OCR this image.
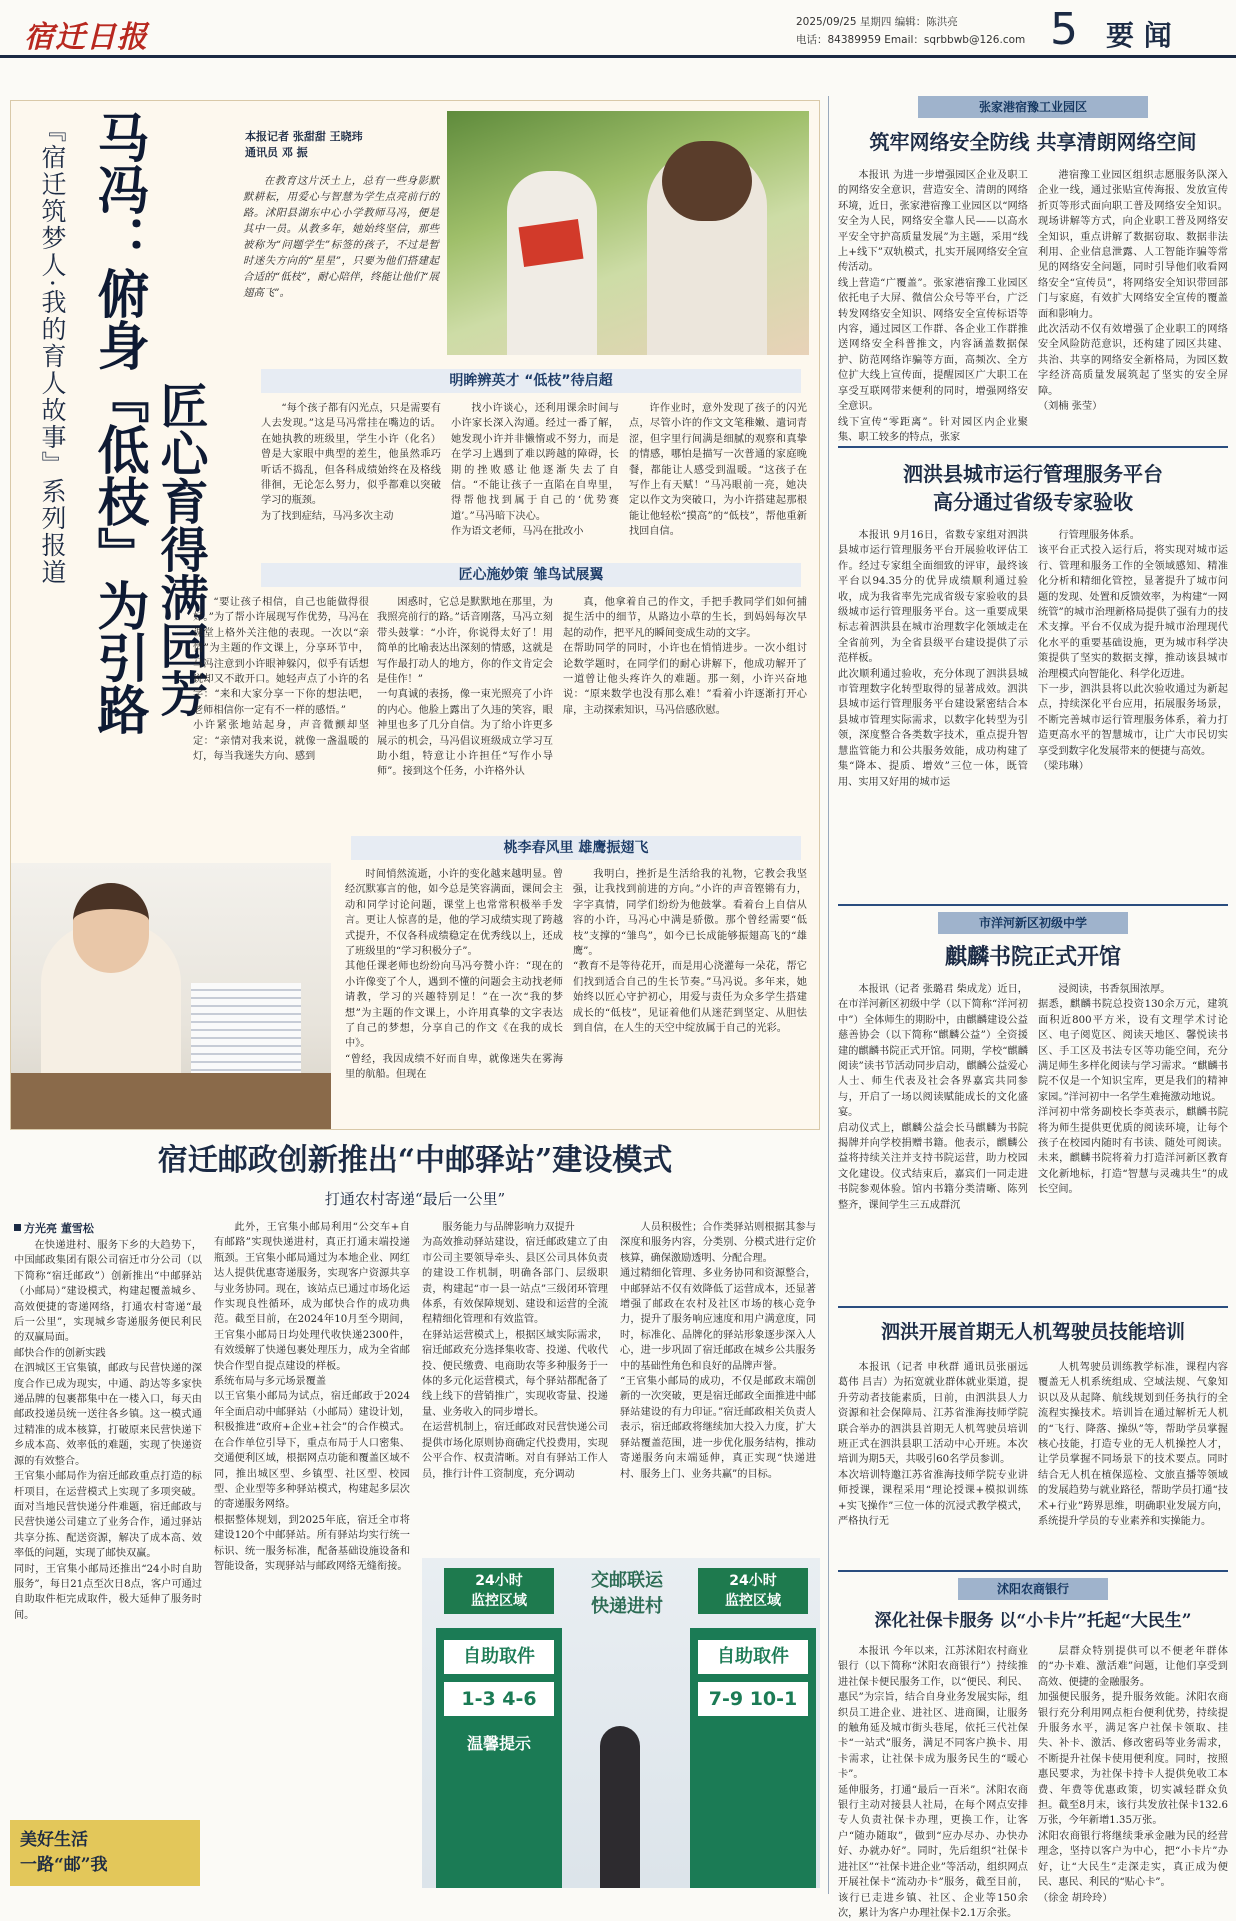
宿迁日报	2025/09/25 星期四 编辑：陈洪亮
电话：84389959 Email：sqrbbwb@126.com 5 要 闻
『宿迁筑梦人·我的育人故事』系列报道 马冯：俯身『低枝』为引路 匠心育得满园芳
本报记者 张甜甜 王晓玮
通讯员 邓 振
在教育这片沃土上，总有一些身影默默耕耘，用爱心与智慧为学生点亮前行的路。沭阳县湖东中心小学教师马冯，便是其中一员。从教多年，她始终坚信，那些被称为“问题学生”标签的孩子，不过是暂时迷失方向的“星星”，只要为他们搭建起合适的“低枝”，耐心陪伴，终能让他们“展翅高飞”。
明眸辨英才 “低枝”待启超
“每个孩子都有闪光点，只是需要有人去发现。”这是马冯常挂在嘴边的话。在她执教的班级里，学生小许（化名）曾是大家眼中典型的差生，他虽然乖巧听话不捣乱，但各科成绩始终在及格线徘徊，无论怎么努力，似乎都难以突破学习的瓶颈。
为了找到症结，马冯多次主动
找小许谈心，还利用课余时间与小许家长深入沟通。经过一番了解，她发现小许并非懒惰或不努力，而是在学习上遇到了难以跨越的障碍，长期的挫败感让他逐渐失去了自信。“不能让孩子一直陷在自卑里，得帮他找到属于自己的‘优势赛道’。”马冯暗下决心。
作为语文老师，马冯在批改小
许作业时，意外发现了孩子的闪光点，尽管小许的作文文笔稚嫩、遣词青涩，但字里行间满是细腻的观察和真挚的情感，哪怕是描写一次普通的家庭晚餐，都能让人感受到温暖。“这孩子在写作上有天赋！”马冯眼前一亮，她决定以作文为突破口，为小许搭建起那根能让他轻松“摸高”的“低枝”，帮他重新找回自信。
匠心施妙策 雏鸟试展翼
“要让孩子相信，自己也能做得很好。”为了帮小许展现写作优势，马冯在课堂上格外关注他的表现。一次以“亲情”为主题的作文课上，分享环节中，马冯注意到小许眼神躲闪，似乎有话想说却又不敢开口。她轻声点了小许的名字：“来和大家分享一下你的想法吧，老师相信你一定有不一样的感悟。”
小许紧张地站起身，声音微颤却坚定：“亲情对我来说，就像一盏温暖的灯，每当我迷失方向、感到
困惑时，它总是默默地在那里，为我照亮前行的路。”话音刚落，马冯立刻带头鼓掌：“小许，你说得太好了！用简单的比喻表达出深刻的情感，这就是写作最打动人的地方，你的作文肯定会是佳作！”
一句真诚的表扬，像一束光照亮了小许的内心。他脸上露出了久违的笑容，眼神里也多了几分自信。为了给小许更多展示的机会，马冯倡议班级成立学习互助小组，特意让小许担任“写作小导师”。接到这个任务，小许格外认
真，他拿着自己的作文，手把手教同学们如何捕捉生活中的细节，从路边小草的生长，到妈妈每次早起的动作，把平凡的瞬间变成生动的文字。
在帮助同学的同时，小许也在悄悄进步。一次小组讨论数学题时，在同学们的耐心讲解下，他成功解开了一道曾让他头疼许久的难题。那一刻，小许兴奋地说：“原来数学也没有那么难！”看着小许逐渐打开心扉，主动探索知识，马冯倍感欣慰。
桃李春风里 雄鹰振翅飞
时间悄然流逝，小许的变化越来越明显。曾经沉默寡言的他，如今总是笑容满面，课间会主动和同学讨论问题，课堂上也常常积极举手发言。更让人惊喜的是，他的学习成绩实现了跨越式提升，不仅各科成绩稳定在优秀线以上，还成了班级里的“学习积极分子”。
其他任课老师也纷纷向马冯夸赞小许：“现在的小许像变了个人，遇到不懂的问题会主动找老师请教，学习的兴趣特别足！”在一次“我的梦想”为主题的作文课上，小许用真挚的文字表达了自己的梦想，分享自己的作文《在我的成长中》。
“曾经，我因成绩不好而自卑，就像迷失在雾海里的航船。但现在
我明白，挫折是生活给我的礼物，它教会我坚强，让我找到前进的方向。”小许的声音铿锵有力，字字真情，同学们纷纷为他鼓掌。看着台上自信从容的小许，马冯心中满是骄傲。那个曾经需要“低枝”支撑的“雏鸟”，如今已长成能够振翅高飞的“雄鹰”。
“教育不是等待花开，而是用心浇灌每一朵花，帮它们找到适合自己的生长节奏。”马冯说。多年来，她始终以匠心守护初心，用爱与责任为众多学生搭建成长的“低枝”，见证着他们从迷茫到坚定、从胆怯到自信，在人生的天空中绽放属于自己的光彩。
宿迁邮政创新推出“中邮驿站”建设模式
打通农村寄递“最后一公里”
方光亮 董雪松
在快递进村、服务下乡的大趋势下，中国邮政集团有限公司宿迁市分公司（以下简称“宿迁邮政”）创新推出“中邮驿站（小邮局）”建设模式，构建起覆盖城乡、高效便捷的寄递网络，打通农村寄递“最后一公里”，实现城乡寄递服务便民利民的双赢局面。
邮快合作的创新实践
在泗城区王官集镇，邮政与民营快递的深度合作已成为现实，中通、韵达等多家快递品牌的包裹都集中在一楼入口，每天由邮政投递员统一送往各乡镇。这一模式通过精准的成本核算，打破原来民营快递下乡成本高、效率低的难题，实现了快递资源的有效整合。
王官集小邮局作为宿迁邮政重点打造的标杆项目，在运营模式上实现了多项突破。面对当地民营快递分件难题，宿迁邮政与民营快递公司建立了业务合作，通过驿站共享分拣、配送资源，解决了成本高、效率低的问题，实现了邮快双赢。
同时，王官集小邮局还推出“24小时自助服务”，每日21点至次日8点，客户可通过自助取件柜完成取件，极大延伸了服务时间。
此外，王官集小邮局利用“公交车+自有邮路”实现快递进村，真正打通末端投递瓶颈。王官集小邮局通过为本地企业、网红达人提供优惠寄递服务，实现客户资源共享与业务协同。现在，该站点已通过市场化运作实现良性循环，成为邮快合作的成功典范。截至目前，在2024年10月至今期间，王官集小邮局日均处理代收快递2300件，有效缓解了快递包裹处理压力，成为全省邮快合作型自提点建设的样板。
系统布局与多元场景覆盖
以王官集小邮局为试点，宿迁邮政于2024年全面启动中邮驿站（小邮局）建设计划，积极推进“政府+企业+社会”的合作模式。在合作单位引导下，重点布局于人口密集、交通便利区域，根据网点功能和覆盖区域不同，推出城区型、乡镇型、社区型、校园型、企业型等多种驿站模式，构建起多层次的寄递服务网络。
根据整体规划，到2025年底，宿迁全市将建设120个中邮驿站。所有驿站均实行统一标识、统一服务标准，配备基础设施设备和智能设备，实现驿站与邮政网络无缝衔接。
服务能力与品牌影响力双提升
为高效推动驿站建设，宿迁邮政建立了由市公司主要领导牵头、县区公司具体负责的建设工作机制，明确各部门、层级职责，构建起“市一县一站点”三级闭环管理体系，有效保障规划、建设和运营的全流程精细化管理和有效监管。
在驿站运营模式上，根据区域实际需求，宿迁邮政充分选择集收寄、投递、代收代投、便民缴费、电商助农等多种服务于一体的多元化运营模式，每个驿站都配备了线上线下的营销推广，实现收寄量、投递量、业务收入的同步增长。
在运营机制上，宿迁邮政对民营快递公司提供市场化原则协商确定代投费用，实现公平合作、权责清晰。对自有驿站工作人员，推行计件工资制度，充分调动
人员积极性；合作类驿站则根据其参与深度和服务内容，分类别、分模式进行定价核算，确保激励透明、分配合理。
通过精细化管理、多业务协同和资源整合，中邮驿站不仅有效降低了运营成本，还显著增强了邮政在农村及社区市场的核心竞争力，提升了服务响应速度和用户满意度，同时，标准化、品牌化的驿站形象逐步深入人心，进一步巩固了宿迁邮政在城乡公共服务中的基础性角色和良好的品牌声誉。
“王官集小邮局的成功，不仅是邮政末端创新的一次突破，更是宿迁邮政全面推进中邮驿站建设的有力印证。”宿迁邮政相关负责人表示，宿迁邮政将继续加大投入力度，扩大驿站覆盖范围，进一步优化服务结构，推动寄递服务向末端延伸，真正实现“快递进村、服务上门、业务共赢”的目标。
美好生活
一路“邮”我
24小时
监控区域
24小时
监控区域
交邮联运
快递进村
自助取件
1-3 4-6
温馨提示
自助取件
7-9 10-1
张家港宿豫工业园区
筑牢网络安全防线 共享清朗网络空间
本报讯 为进一步增强园区企业及职工的网络安全意识，营造安全、清朗的网络环境，近日，张家港宿豫工业园区以“网络安全为人民，网络安全靠人民——以高水平安全守护高质量发展”为主题，采用“线上+线下”双轨模式，扎实开展网络安全宣传活动。
线上营造“广覆盖”。张家港宿豫工业园区依托电子大屏、微信公众号等平台，广泛转发网络安全知识、网络安全宣传标语等内容，通过园区工作群、各企业工作群推送网络安全科普推文，内容涵盖数据保护、防范网络诈骗等方面，高频次、全方位扩大线上宣传面，提醒园区广大职工在享受互联网带来便利的同时，增强网络安全意识。
线下宣传“零距离”。针对园区内企业聚集、职工较多的特点，张家
港宿豫工业园区组织志愿服务队深入企业一线，通过张贴宣传海报、发放宣传折页等形式面向职工普及网络安全知识。现场讲解等方式，向企业职工普及网络安全知识，重点讲解了数据窃取、数据非法利用、企业信息泄露、人工智能诈骗等常见的网络安全问题，同时引导他们收看网络安全“宣传员”，将网络安全知识带回部门与家庭，有效扩大网络安全宣传的覆盖面和影响力。
此次活动不仅有效增强了企业职工的网络安全风险防范意识，还构建了园区共建、共治、共享的网络安全新格局，为园区数字经济高质量发展筑起了坚实的安全屏障。
（刘楠 张莹）
泗洪县城市运行管理服务平台
高分通过省级专家验收
本报讯 9月16日，省数专家组对泗洪县城市运行管理服务平台开展验收评估工作。经过专家组全面细致的评审，最终该平台以94.35分的优异成绩顺利通过验收，成为我省率先完成省级专家验收的县级城市运行管理服务平台。这一重要成果标志着泗洪县在城市治理数字化领域走在全省前列，为全省县级平台建设提供了示范样板。
此次顺利通过验收，充分体现了泗洪县城市管理数字化转型取得的显著成效。泗洪县城市运行管理服务平台建设紧密结合本县城市管理实际需求，以数字化转型为引领，深度整合各类数字技术，重点提升智慧监管能力和公共服务效能，成功构建了集“降本、提质、增效”三位一体，既管用、实用又好用的城市运
行管理服务体系。
该平台正式投入运行后，将实现对城市运行、管理和服务工作的全领域感知、精准化分析和精细化管控，显著提升了城市问题的发现、处置和反馈效率，为构建“一网统管”的城市治理新格局提供了强有力的技术支撑。平台不仅成为提升城市治理现代化水平的重要基础设施，更为城市科学决策提供了坚实的数据支撑，推动该县城市治理模式向智能化、科学化迈进。
下一步，泗洪县将以此次验收通过为新起点，持续深化平台应用，拓展服务场景，不断完善城市运行管理服务体系，着力打造更高水平的智慧城市，让广大市民切实享受到数字化发展带来的便捷与高效。
（梁玮琳）
市洋河新区初级中学
麒麟书院正式开馆
本报讯（记者 张璐君 柴成龙）近日，在市洋河新区初级中学（以下简称“洋河初中”）全体师生的期盼中，由麒麟建设公益慈善协会（以下简称“麒麟公益”）全资援建的麒麟书院正式开馆。同期，学校“麒麟阅读”读书节活动同步启动，麒麟公益爱心人士、师生代表及社会各界嘉宾共同参与，开启了一场以阅读赋能成长的文化盛宴。
启动仪式上，麒麟公益会长马麒麟为书院揭牌并向学校捐赠书籍。他表示，麒麟公益将持续关注并支持书院运营，助力校园文化建设。仪式结束后，嘉宾们一同走进书院参观体验。馆内书籍分类清晰、陈列整齐，课间学生三五成群沉
浸阅读，书香氛围浓厚。
据悉，麒麟书院总投资130余万元，建筑面积近800平方米，设有文理学术讨论区、电子阅览区、阅读天地区、馨悦读书区、手工区及书法专区等功能空间，充分满足师生多样化阅读与学习需求。“麒麟书院不仅是一个知识宝库，更是我们的精神家园。”洋河初中一名学生难掩激动地说。
洋河初中常务副校长李英表示，麒麟书院将为师生提供更优质的阅读环境，让每个孩子在校园内随时有书读、随处可阅读。未来，麒麟书院将着力打造洋河新区教育文化新地标，打造“智慧与灵魂共生”的成长空间。
泗洪开展首期无人机驾驶员技能培训
本报讯（记者 申秋群 通讯员张丽远 葛伟 吕吉）为拓宽就业群体就业渠道，提升劳动者技能素质，日前，由泗洪县人力资源和社会保障局、江苏省淮海技师学院联合举办的泗洪县首期无人机驾驶员培训班正式在泗洪县职工活动中心开班。本次培训为期5天，共吸引60名学员参训。
本次培训特邀江苏省淮海技师学院专业讲师授课，课程采用“理论授课+模拟训练+实飞操作”三位一体的沉浸式教学模式，严格执行无
人机驾驶员训练教学标准，课程内容覆盖无人机系统组成、空域法规、气象知识以及从起降、航线规划到任务执行的全流程实操技术。培训旨在通过解析无人机的“飞行、降落、操纵”等，帮助学员掌握核心技能，打造专业的无人机操控人才，让学员掌握不同场景下的技术要点。同时结合无人机在植保巡检、文旅直播等领域的发展趋势与就业路径，帮助学员打通“技术+行业”跨界思维，明确职业发展方向，系统提升学员的专业素养和实操能力。
沭阳农商银行
深化社保卡服务 以“小卡片”托起“大民生”
本报讯 今年以来，江苏沭阳农村商业银行（以下简称“沭阳农商银行”）持续推进社保卡便民服务工作，以“便民、利民、惠民”为宗旨，结合自身业务发展实际，组织员工进企业、进社区、进商圈，让服务的触角延及城市街头巷尾，依托三代社保卡“一站式”服务，满足不同客户换卡、用卡需求，让社保卡成为服务民生的“暖心卡”。
延伸服务，打通“最后一百米”。沭阳农商银行主动对接县人社局，在每个网点安排专人负责社保卡办理，更换工作，让客户“随办随取”，做到“应办尽办、办快办好、办就办好”。同时，先后组织“社保卡进社区”“社保卡进企业”等活动，组织网点开展社保卡“流动办卡”服务，截至目前，该行已走进乡镇、社区、企业等150余次，累计为客户办理社保卡2.1万余张。
层群众特别提供可以不便老年群体的“办卡难、激活难”问题，让他们享受到高效、便捷的金融服务。
加强便民服务，提升服务效能。沭阳农商银行充分利用网点柜台便利优势，持续提升服务水平，满足客户社保卡领取、挂失、补卡、激活、修改密码等业务需求，不断提升社保卡使用便利度。同时，按照惠民要求，为社保卡持卡人提供免收工本费、年费等优惠政策，切实减轻群众负担。截至8月末，该行共发放社保卡132.6万张，今年新增1.35万张。
沭阳农商银行将继续秉承金融为民的经营理念，坚持以客户为中心，把“小卡片”办好，让“大民生”走深走实，真正成为便民、惠民、利民的“贴心卡”。
（徐金 胡玲玲）
